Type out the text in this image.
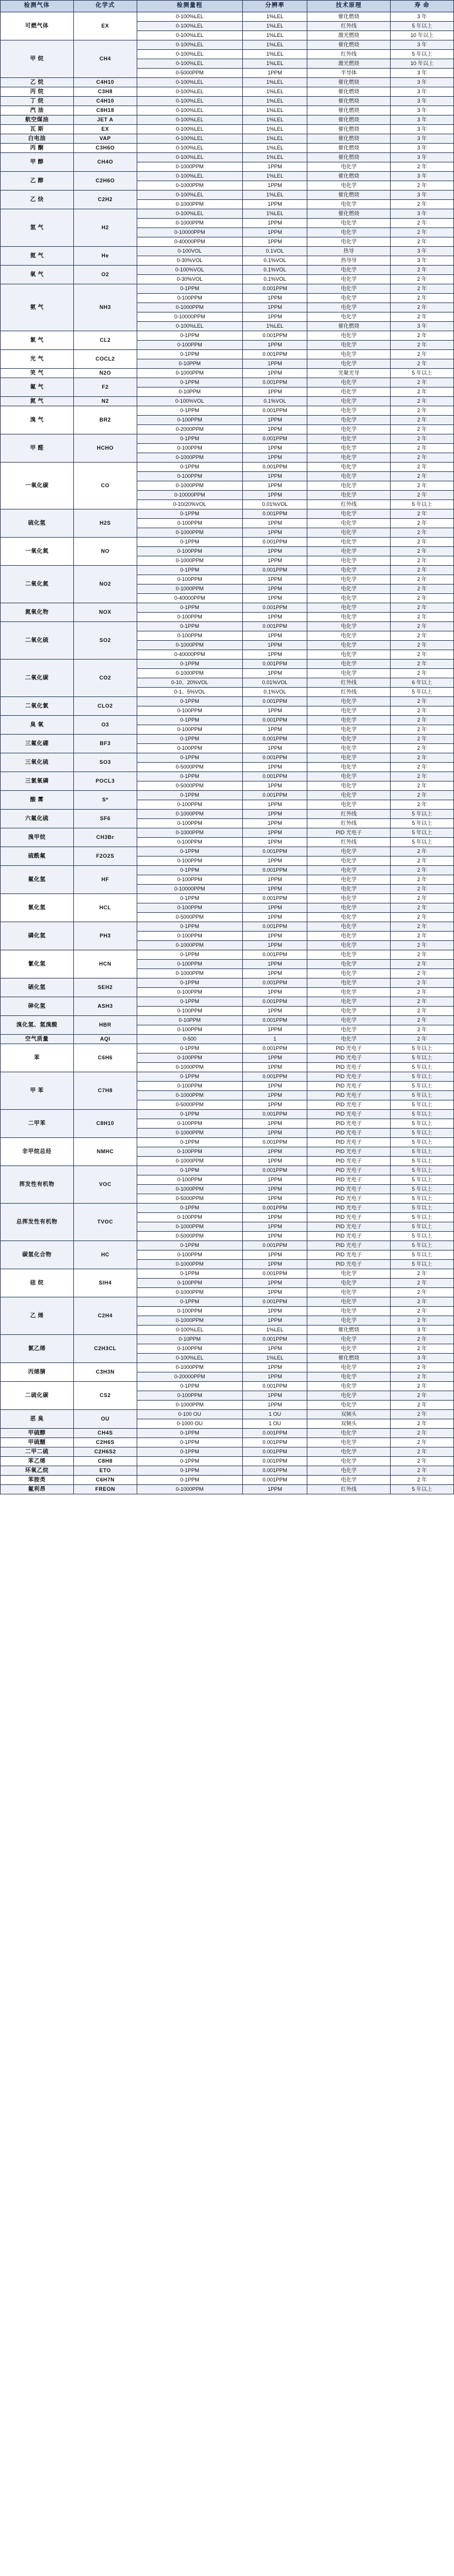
检测气体	化学式	检测量程	分辨率	技术原理	寿 命
可燃气体	EX	0-100%LEL	1%LEL	催化燃烧	3 年
		0-100%LEL	1%LEL	红外线	5 年以上
		0-100%LEL	1%LEL	激光燃烧	10 年以上
甲 烷	CH4	0-100%LEL	1%LEL	催化燃烧	3 年
		0-100%LEL	1%LEL	红外线	5 年以上
		0-100%LEL	1%LEL	激光燃烧	10 年以上
		0-5000PPM	1PPM	半导体	3 年
乙 烷	C4H10	0-100%LEL	1%LEL	催化燃烧	3 年
丙 烷	C3H8	0-100%LEL	1%LEL	催化燃烧	3 年
丁 烷	C4H10	0-100%LEL	1%LEL	催化燃烧	3 年
汽 油	C8H18	0-100%LEL	1%LEL	催化燃烧	3 年
航空煤油	JET A	0-100%LEL	1%LEL	催化燃烧	3 年
瓦 斯	EX	0-100%LEL	1%LEL	催化燃烧	3 年
白电油	VAP	0-100%LEL	1%LEL	催化燃烧	3 年
丙 酮	C3H6O	0-100%LEL	1%LEL	催化燃烧	3 年
甲 醇	CH4O	0-100%LEL	1%LEL	催化燃烧	3 年
		0-1000PPM	1PPM	电化学	2 年
乙 醇	C2H6O	0-100%LEL	1%LEL	催化燃烧	3 年
		0-1000PPM	1PPM	电化学	2 年
乙 炔	C2H2	0-100%LEL	1%LEL	催化燃烧	3 年
		0-1000PPM	1PPM	电化学	2 年
氢 气	H2	0-100%LEL	1%LEL	催化燃烧	3 年
		0-1000PPM	1PPM	电化学	2 年
		0-10000PPM	1PPM	电化学	2 年
		0-40000PPM	1PPM	电化学	2 年
氦 气	He	0-100VOL	0.1VOL	热导	3 年
		0-30%VOL	0.1%VOL	热导导	3 年
氧 气	O2	0-100%VOL	0.1%VOL	电化学	2 年
		0-30%VOL	0.1%VOL	电化学	2 年
氨 气	NH3	0-1PPM	0.001PPM	电化学	2 年
		0-100PPM	1PPM	电化学	2 年
		0-1000PPM	1PPM	电化学	2 年
		0-10000PPM	1PPM	电化学	2 年
		0-100%LEL	1%LEL	催化燃烧	3 年
氯 气	CL2	0-1PPM	0.001PPM	电化学	2 年
		0-100PPM	1PPM	电化学	2 年
光 气	COCL2	0-1PPM	0.001PPM	电化学	2 年
		0-10PPM	1PPM	电化学	2 年
笑 气	N2O	0-1000PPM	1PPM	光聚光导	5 年以上
氟 气	F2	0-1PPM	0.001PPM	电化学	2 年
		0-10PPM	1PPM	电化学	2 年
氮 气	N2	0-100%VOL	0.1%VOL	电化学	2 年
溴 气	BR2	0-1PPM	0.001PPM	电化学	2 年
		0-100PPM	1PPM	电化学	2 年
		0-2000PPM	1PPM	电化学	2 年
甲 醛	HCHO	0-1PPM	0.001PPM	电化学	2 年
		0-100PPM	1PPM	电化学	2 年
		0-1000PPM	1PPM	电化学	2 年
一氧化碳	CO	0-1PPM	0.001PPM	电化学	2 年
		0-100PPM	1PPM	电化学	2 年
		0-1000PPM	1PPM	电化学	2 年
		0-10000PPM	1PPM	电化学	2 年
		0-10/20%VOL	0.01%VOL	红外线	5 年以上
硫化氢	H2S	0-1PPM	0.001PPM	电化学	2 年
		0-100PPM	1PPM	电化学	2 年
		0-1000PPM	1PPM	电化学	2 年
一氧化氮	NO	0-1PPM	0.001PPM	电化学	2 年
		0-100PPM	1PPM	电化学	2 年
		0-1000PPM	1PPM	电化学	2 年
二氧化氮	NO2	0-1PPM	0.001PPM	电化学	2 年
		0-100PPM	1PPM	电化学	2 年
		0-1000PPM	1PPM	电化学	2 年
		0-40000PPM	1PPM	电化学	2 年
氮氧化物	NOX	0-1PPM	0.001PPM	电化学	2 年
		0-100PPM	1PPM	电化学	2 年
二氧化硫	SO2	0-1PPM	0.001PPM	电化学	2 年
		0-100PPM	1PPM	电化学	2 年
		0-1000PPM	1PPM	电化学	2 年
		0-40000PPM	1PPM	电化学	2 年
二氧化碳	CO2	0-1PPM	0.001PPM	电化学	2 年
		0-1000PPM	1PPM	电化学	2 年
		0-10、20%VOL	0.01%VOL	红外线	6 年以上
		0-1、5%VOL	0.1%VOL	红外线	5 年以上
二氧化氯	CLO2	0-1PPM	0.001PPM	电化学	2 年
		0-100PPM	1PPM	电化学	2 年
臭 氧	O3	0-1PPM	0.001PPM	电化学	2 年
		0-100PPM	1PPM	电化学	2 年
三氟化硼	BF3	0-1PPM	0.001PPM	电化学	2 年
		0-100PPM	1PPM	电化学	2 年
三氧化硫	SO3	0-1PPM	0.001PPM	电化学	2 年
		0-5000PPM	1PPM	电化学	2 年
三氯氧磷	POCL3	0-1PPM	0.001PPM	电化学	2 年
		0-5000PPM	1PPM	电化学	2 年
酸 雾	S*	0-1PPM	0.001PPM	电化学	2 年
		0-100PPM	1PPM	电化学	2 年
六氟化硫	SF6	0-1000PPM	1PPM	红外线	5 年以上
		0-100PPM	1PPM	红外线	5 年以上
溴甲烷	CH3Br	0-1000PPM	1PPM	PID 光电子	5 年以上
		0-100PPM	1PPM	红外线	5 年以上
硫酰氟	F2O2S	0-1PPM	0.001PPM	电化学	2 年
		0-100PPM	1PPM	电化学	2 年
氟化氢	HF	0-1PPM	0.001PPM	电化学	2 年
		0-100PPM	1PPM	电化学	2 年
		0-10000PPM	1PPM	电化学	2 年
氯化氢	HCL	0-1PPM	0.001PPM	电化学	2 年
		0-100PPM	1PPM	电化学	2 年
		0-5000PPM	1PPM	电化学	2 年
磷化氢	PH3	0-1PPM	0.001PPM	电化学	2 年
		0-100PPM	1PPM	电化学	2 年
		0-1000PPM	1PPM	电化学	2 年
氰化氢	HCN	0-1PPM	0.001PPM	电化学	2 年
		0-100PPM	1PPM	电化学	2 年
		0-1000PPM	1PPM	电化学	2 年
硒化氢	SEH2	0-1PPM	0.001PPM	电化学	2 年
		0-100PPM	1PPM	电化学	2 年
砷化氢	ASH3	0-1PPM	0.001PPM	电化学	2 年
		0-100PPM	1PPM	电化学	2 年
溴化氢、氢溴酸	HBR	0-10PPM	0.001PPM	电化学	2 年
		0-100PPM	1PPM	电化学	2 年
空气质量	AQI	0-500	1	电化学	2 年
苯	C6H6	0-1PPM	0.001PPM	PID 光电子	5 年以上
		0-100PPM	1PPM	PID 光电子	5 年以上
		0-1000PPM	1PPM	PID 光电子	5 年以上
甲 苯	C7H8	0-1PPM	0.001PPM	PID 光电子	5 年以上
		0-100PPM	1PPM	PID 光电子	5 年以上
		0-1000PPM	1PPM	PID 光电子	5 年以上
		0-5000PPM	1PPM	PID 光电子	5 年以上
二甲苯	C8H10	0-1PPM	0.001PPM	PID 光电子	5 年以上
		0-100PPM	1PPM	PID 光电子	5 年以上
		0-1000PPM	1PPM	PID 光电子	5 年以上
非甲烷总烃	NMHC	0-1PPM	0.001PPM	PID 光电子	5 年以上
		0-100PPM	1PPM	PID 光电子	5 年以上
		0-1000PPM	1PPM	PID 光电子	5 年以上
挥发性有机物	VOC	0-1PPM	0.001PPM	PID 光电子	5 年以上
		0-100PPM	1PPM	PID 光电子	5 年以上
		0-1000PPM	1PPM	PID 光电子	5 年以上
		0-5000PPM	1PPM	PID 光电子	5 年以上
总挥发性有机物	TVOC	0-1PPM	0.001PPM	PID 光电子	5 年以上
		0-100PPM	1PPM	PID 光电子	5 年以上
		0-1000PPM	1PPM	PID 光电子	5 年以上
		0-5000PPM	1PPM	PID 光电子	5 年以上
碳氢化合物	HC	0-1PPM	0.001PPM	PID 光电子	5 年以上
		0-100PPM	1PPM	PID 光电子	5 年以上
		0-1000PPM	1PPM	PID 光电子	5 年以上
硅 烷	SIH4	0-1PPM	0.001PPM	电化学	2 年
		0-100PPM	1PPM	电化学	2 年
		0-1000PPM	1PPM	电化学	2 年
乙 烯	C2H4	0-1PPM	0.001PPM	电化学	2 年
		0-100PPM	1PPM	电化学	2 年
		0-1000PPM	1PPM	电化学	2 年
		0-100%LEL	1%LEL	催化燃烧	3 年
氯乙烯	C2H3CL	0-10PPM	0.001PPM	电化学	2 年
		0-100PPM	1PPM	电化学	2 年
		0-100%LEL	1%LEL	催化燃烧	3 年
丙烯腈	C3H3N	0-1000PPM	1PPM	电化学	2 年
		0-20000PPM	1PPM	电化学	2 年
二硫化碳	CS2	0-1PPM	0.001PPM	电化学	2 年
		0-100PPM	1PPM	电化学	2 年
		0-1000PPM	1PPM	电化学	2 年
恶 臭	OU	0-100 OU	1 OU	双频头	2 年
		0-1000 OU	1 OU	双频头	2 年
甲硫醇	CH4S	0-1PPM	0.001PPM	电化学	2 年
甲硫醚	C2H6S	0-1PPM	0.001PPM	电化学	2 年
二甲二硫	C2H6S2	0-1PPM	0.001PPM	电化学	2 年
苯乙烯	C8H8	0-1PPM	0.001PPM	电化学	2 年
环氧乙烷	ETO	0-1PPM	0.001PPM	电化学	2 年
苯胺类	C6H7N	0-1PPM	0.001PPM	电化学	2 年
氟利昂	FREON	0-1000PPM	1PPM	红外线	5 年以上
